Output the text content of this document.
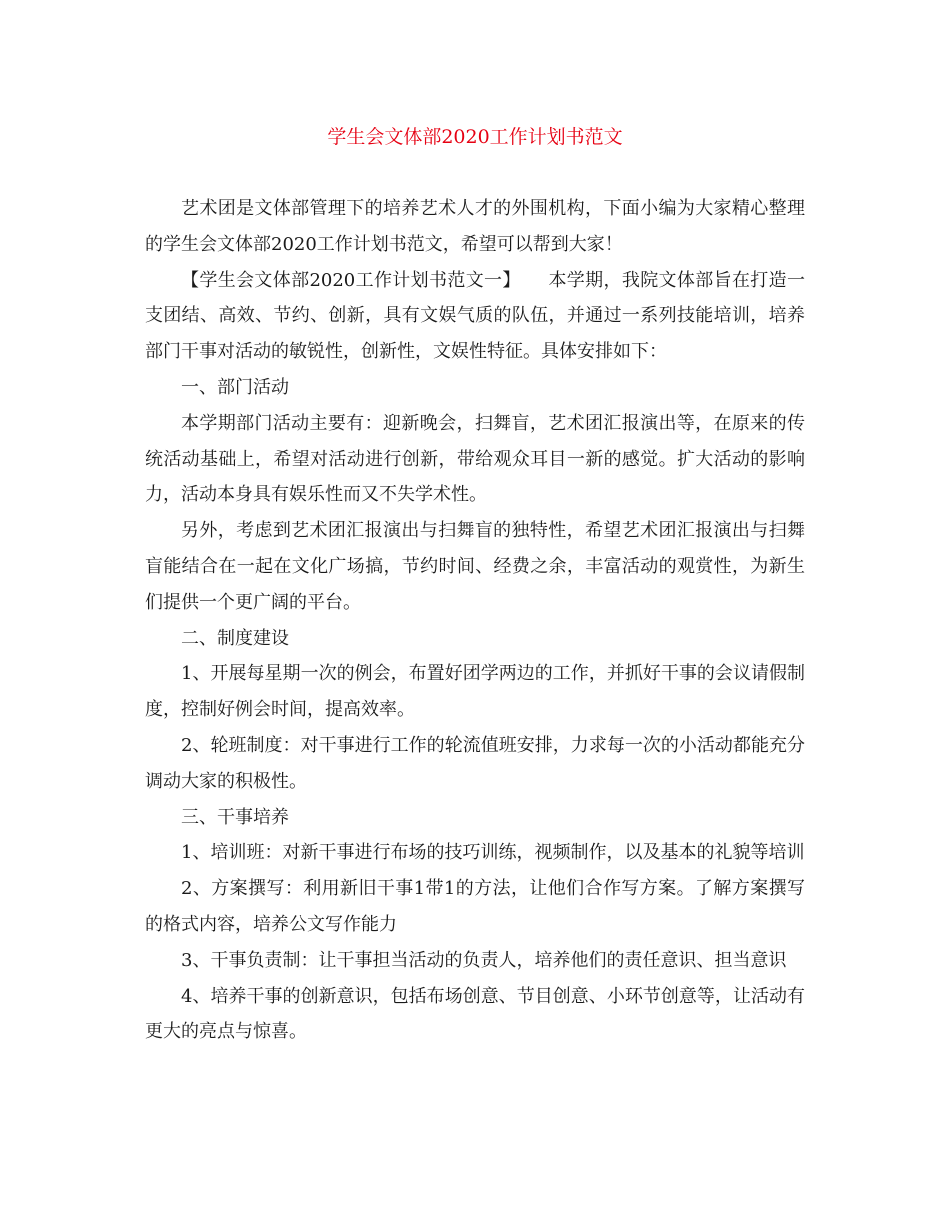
学生会文体部2020工作计划书范文

艺术团是文体部管理下的培养艺术人才的外围机构，下面小编为大家精心整理的学生会文体部2020工作计划书范文，希望可以帮到大家！

【学生会文体部2020工作计划书范文一】　　本学期，我院文体部旨在打造一支团结、高效、节约、创新，具有文娱气质的队伍，并通过一系列技能培训，培养部门干事对活动的敏锐性，创新性，文娱性特征。具体安排如下：

一、部门活动

本学期部门活动主要有：迎新晚会，扫舞盲，艺术团汇报演出等，在原来的传统活动基础上，希望对活动进行创新，带给观众耳目一新的感觉。扩大活动的影响力，活动本身具有娱乐性而又不失学术性。

另外，考虑到艺术团汇报演出与扫舞盲的独特性，希望艺术团汇报演出与扫舞盲能结合在一起在文化广场搞，节约时间、经费之余，丰富活动的观赏性，为新生们提供一个更广阔的平台。

二、制度建设

1、开展每星期一次的例会，布置好团学两边的工作，并抓好干事的会议请假制度，控制好例会时间，提高效率。

2、轮班制度：对干事进行工作的轮流值班安排，力求每一次的小活动都能充分调动大家的积极性。

三、干事培养

1、培训班：对新干事进行布场的技巧训练，视频制作，以及基本的礼貌等培训

2、方案撰写：利用新旧干事1带1的方法，让他们合作写方案。了解方案撰写的格式内容，培养公文写作能力

3、干事负责制：让干事担当活动的负责人，培养他们的责任意识、担当意识

4、培养干事的创新意识，包括布场创意、节目创意、小环节创意等，让活动有更大的亮点与惊喜。
